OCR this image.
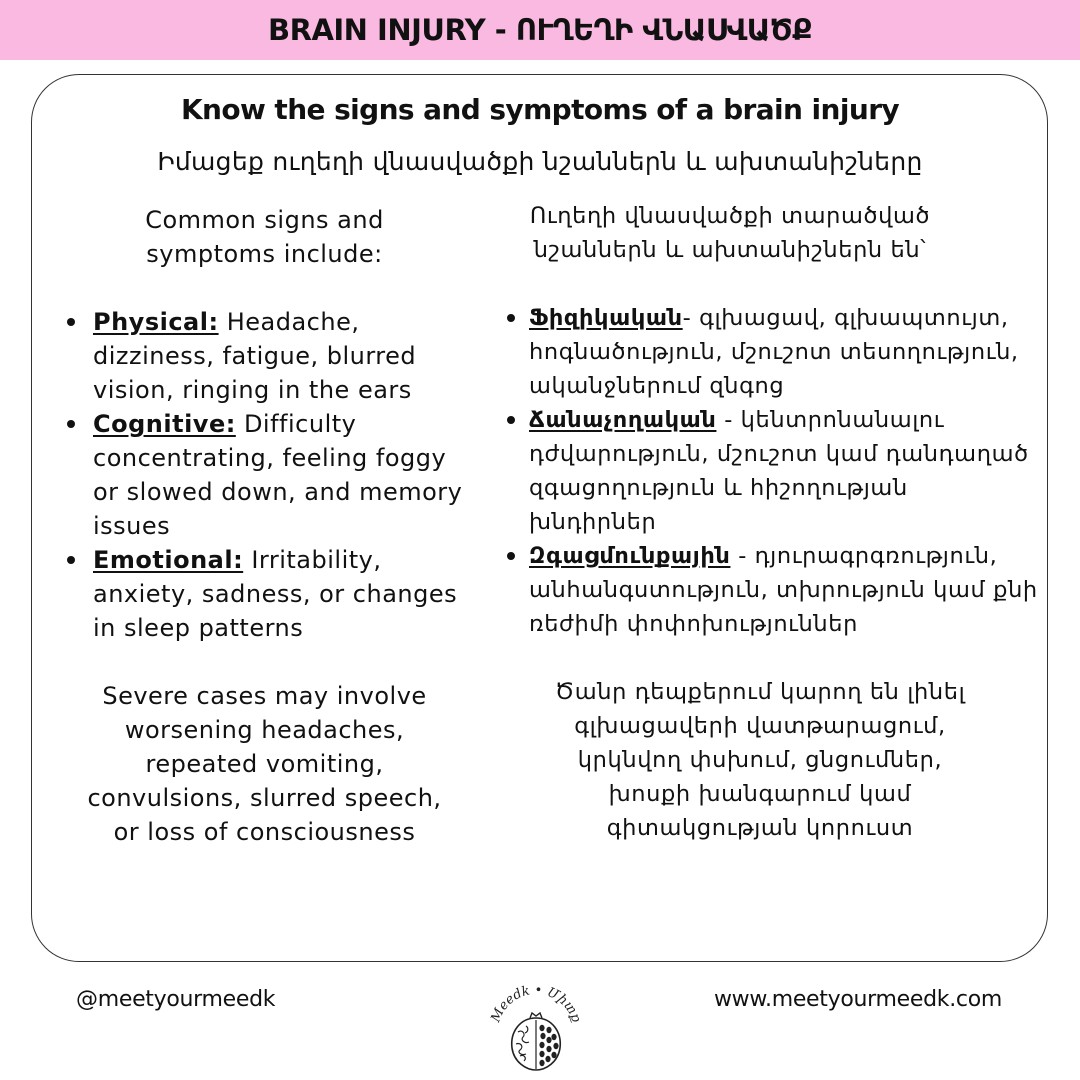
BRAIN INJURY - ՈՒՂԵՂԻ ՎՆԱՍՎԱԾՔ
Know the signs and symptoms of a brain injury
Իմացեք ուղեղի վնասվածքի նշաններն և ախտանիշները

Common signs and
symptoms include:

Physical: Headache, dizziness, fatigue, blurred vision, ringing in the ears
Cognitive: Difficulty concentrating, feeling foggy or slowed down, and memory issues
Emotional: Irritability, anxiety, sadness, or changes in sleep patterns

Severe cases may involve
worsening headaches,
repeated vomiting,
convulsions, slurred speech,
or loss of consciousness

Ուղեղի վնասվածքի տարածված
նշաններն և ախտանիշներն են՝

Ֆիզիկական- գլխացավ, գլխապտույտ, հոգնածություն, մշուշոտ տեսողություն, ականջներում զնգոց
Ճանաչողական - կենտրոնանալու դժվարություն, մշուշոտ կամ դանդաղած զգացողություն և հիշողության խնդիրներ
Զգացմունքային - դյուրագրգռություն, անհանգստություն, տխրություն կամ քնի ռեժիմի փոփոխություններ

Ծանր դեպքերում կարող են լինել
գլխացավերի վատթարացում,
կրկնվող փսխում, ցնցումներ,
խոսքի խանգարում կամ
գիտակցության կորուստ

@meetyourmeedk
Meedk • Միտք
www.meetyourmeedk.com
